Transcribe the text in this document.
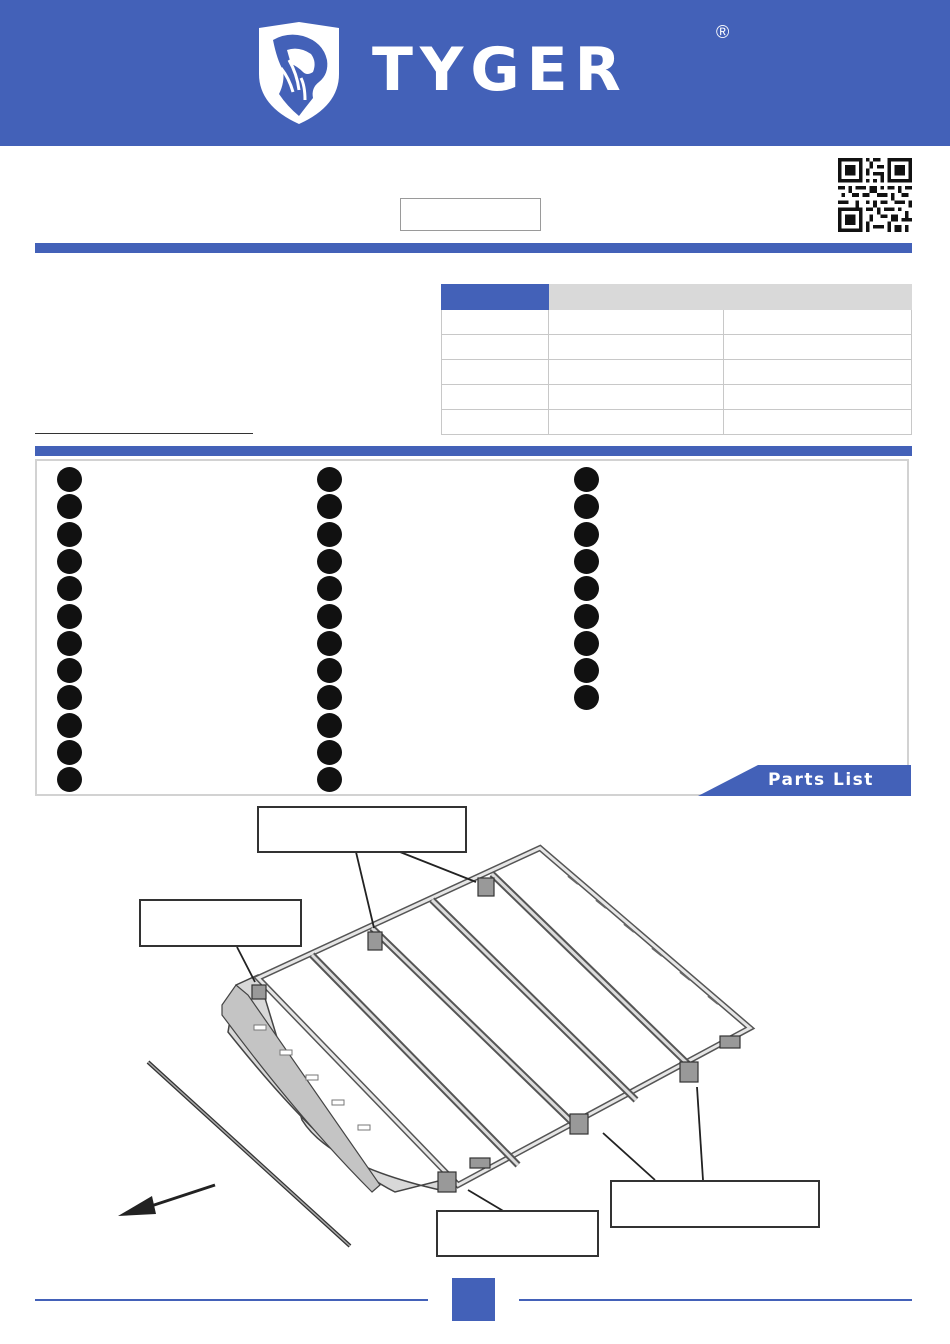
TYGER
®

Parts List
